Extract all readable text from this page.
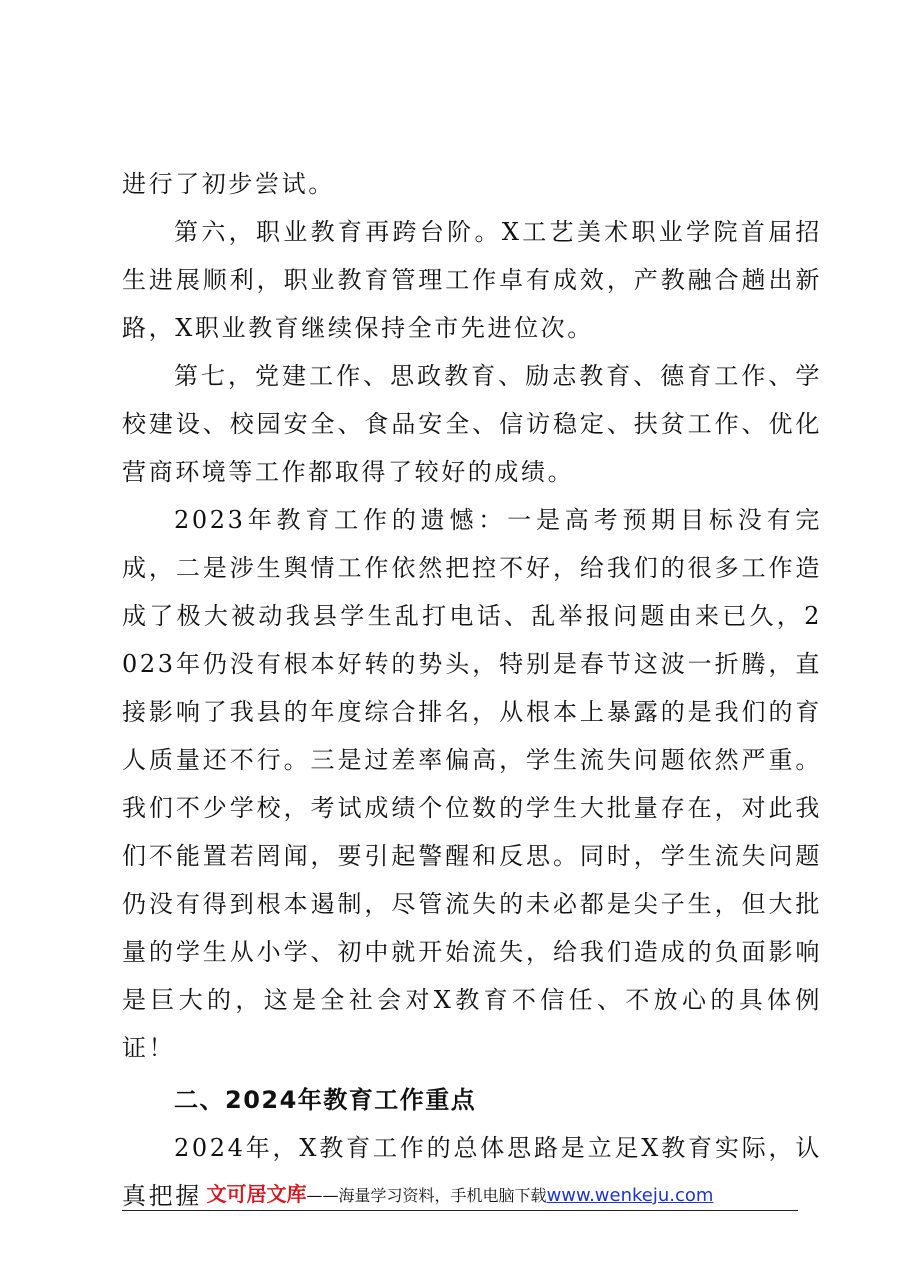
进行了初步尝试。

第六，职业教育再跨台阶。X工艺美术职业学院首届招生进展顺利，职业教育管理工作卓有成效，产教融合趟出新路，X职业教育继续保持全市先进位次。

第七，党建工作、思政教育、励志教育、德育工作、学校建设、校园安全、食品安全、信访稳定、扶贫工作、优化营商环境等工作都取得了较好的成绩。

2023年教育工作的遗憾：一是高考预期目标没有完成，二是涉生舆情工作依然把控不好，给我们的很多工作造成了极大被动我县学生乱打电话、乱举报问题由来已久，2023年仍没有根本好转的势头，特别是春节这波一折腾，直接影响了我县的年度综合排名，从根本上暴露的是我们的育人质量还不行。三是过差率偏高，学生流失问题依然严重。我们不少学校，考试成绩个位数的学生大批量存在，对此我们不能置若罔闻，要引起警醒和反思。同时，学生流失问题仍没有得到根本遏制，尽管流失的未必都是尖子生，但大批量的学生从小学、初中就开始流失，给我们造成的负面影响是巨大的，这是全社会对X教育不信任、不放心的具体例证！

二、2024年教育工作重点

2024年，X教育工作的总体思路是立足X教育实际，认真把握 文可居文库——海量学习资料，手机电脑下载www.wenkeju.com
